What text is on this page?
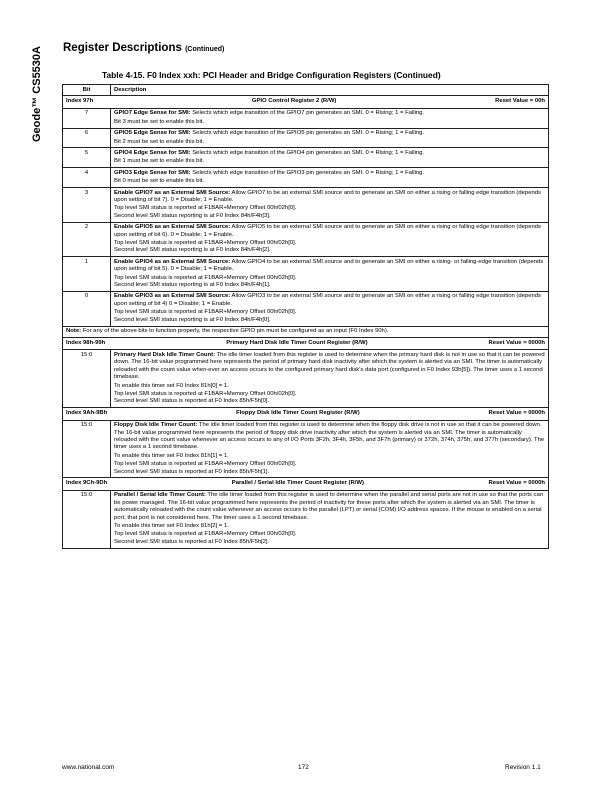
Geode™ CS5530A Register Descriptions (Continued)
Table 4-15. F0 Index xxh: PCI Header and Bridge Configuration Registers (Continued)
Bit	Description

Index 97h GPIO Control Register 2 (R/W) Reset Value = 00h	

7	GPIO7 Edge Sense for SMI: Selects which edge transition of the GPIO7 pin generates an SMI. 0 = Rising; 1 = Falling.
Bit 3 must be set to enable this bit.

6	GPIO5 Edge Sense for SMI: Selects which edge transition of the GPIO5 pin generates an SMI. 0 = Rising; 1 = Falling.
Bit 2 must be set to enable this bit.

5	GPIO4 Edge Sense for SMI: Selects which edge transition of the GPIO4 pin generates an SMI. 0 = Rising; 1 = Falling.
Bit 1 must be set to enable this bit.

4	GPIO3 Edge Sense for SMI: Selects which edge transition of the GPIO3 pin generates an SMI. 0 = Rising; 1 = Falling.
Bit 0 must be set to enable this bit.

3	Enable GPIO7 as an External SMI Source: Allow GPIO7 to be an external SMI source and to generate an SMI on either a rising or falling edge transition (depends upon setting of bit 7). 0 = Disable; 1 = Enable.
Top level SMI status is reported at F1BAR+Memory Offset 00h/02h[0].
Second level SMI status reporting is at F0 Index 84h/F4h[3].

2	Enable GPIO5 as an External SMI Source: Allow GPIO5 to be an external SMI source and to generate an SMI on either a rising or falling edge transition (depends upon setting of bit 6). 0 = Disable; 1 = Enable.
Top level SMI status is reported at F1BAR+Memory Offset 00h/02h[0].
Second level SMI status reporting is at F0 Index 84h/F4h[2].

1	Enable GPIO4 as an External SMI Source: Allow GPIO4 to be an external SMI source and to generate an SMI on either a rising- or falling-edge transition (depends upon setting of bit 5). 0 = Disable; 1 = Enable.
Top level SMI status is reported at F1BAR+Memory Offset 00h/02h[0].
Second level SMI status reporting is at F0 Index 84h/F4h[1].

0	Enable GPIO3 as an External SMI Source: Allow GPIO3 to be an external SMI source and to generate an SMI on either a rising or falling edge transition (depends upon setting of bit 4) 0 = Disable; 1 = Enable.
Top level SMI status is reported at F1BAR+Memory Offset 00h/02h[0].
Second level SMI status reporting is at F0 Index 84h/F4h[0].

Note: For any of the above bits to function properly, the respective GPIO pin must be configured as an input (F0 Index 90h).	

Index 98h-99h Primary Hard Disk Idle Timer Count Register (R/W) Reset Value = 0000h	

15:0	Primary Hard Disk Idle Timer Count: The idle timer loaded from this register is used to determine when the primary hard disk is not in use so that it can be powered down. The 16-bit value programmed here represents the period of primary hard disk inactivity after which the system is alerted via an SMI. The timer is automatically reloaded with the count value when-ever an access occurs to the configured primary hard disk's data port (configured in F0 Index 93h[5]). The timer uses a 1 second timebase.
To enable this timer set F0 Index 81h[0] = 1.
Top level SMI status is reported at F1BAR+Memory Offset 00h/02h[0].
Second level SMI status is reported at F0 Index 85h/F5h[0].

Index 9Ah-9Bh Floppy Disk Idle Timer Count Register (R/W) Reset Value = 0000h	

15:0	Floppy Disk Idle Timer Count: The idle timer loaded from this register is used to determine when the floppy disk drive is not in use so that it can be powered down. The 16-bit value programmed here represents the period of floppy disk drive inactivity after which the system is alerted via an SMI. The timer is automatically reloaded with the count value whenever an access occurs to any of I/O Ports 3F2h, 3F4h, 3F5h, and 3F7h (primary) or 372h, 374h, 375h, and 377h (secondary). The timer uses a 1 second timebase.
To enable this timer set F0 Index 81h[1] = 1.
Top level SMI status is reported at F1BAR+Memory Offset 00h/02h[0].
Second level SMI status is reported at F0 Index 85h/F5h[1].

Index 9Ch-9Dh Parallel / Serial Idle Timer Count Register (R/W) Reset Value = 0000h	

15:0	Parallel / Serial Idle Timer Count: The idle timer loaded from this register is used to determine when the parallel and serial ports are not in use so that the ports can be power managed. The 16-bit value programmed here represents the period of inactivity for these ports after which the system is alerted via an SMI. The timer is automatically reloaded with the count value whenever an access occurs to the parallel (LPT) or serial (COM) I/O address spaces. If the mouse is enabled on a serial port, that port is not considered here. The timer uses a 1 second timebase.
To enable this timer set F0 Index 81h[2] = 1.
Top level SMI status is reported at F1BAR+Memory Offset 00h/02h[0].
Second level SMI status is reported at F0 Index 85h/F5h[2].
www.national.com	172	Revision 1.1
